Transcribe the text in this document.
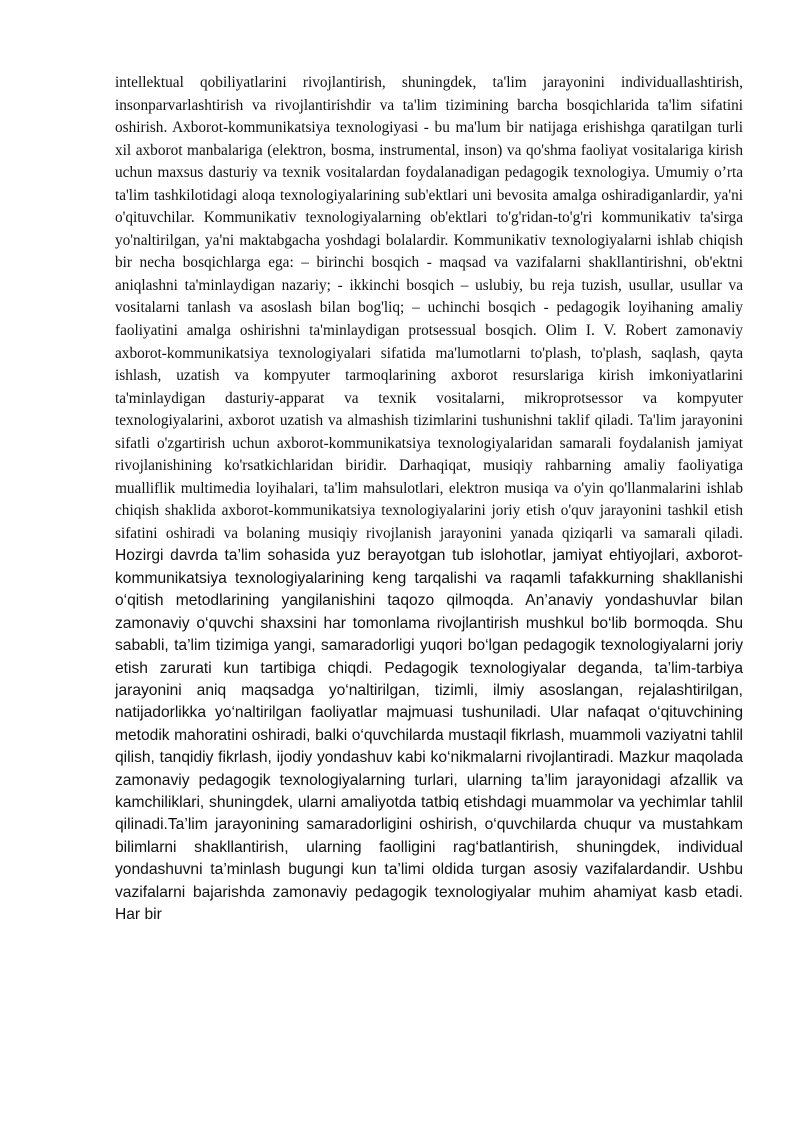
intellektual qobiliyatlarini rivojlantirish, shuningdek, ta'lim jarayonini individuallashtirish, insonparvarlashtirish va rivojlantirishdir va ta'lim tizimining barcha bosqichlarida ta'lim sifatini oshirish. Axborot-kommunikatsiya texnologiyasi - bu ma'lum bir natijaga erishishga qaratilgan turli xil axborot manbalariga (elektron, bosma, instrumental, inson) va qo'shma faoliyat vositalariga kirish uchun maxsus dasturiy va texnik vositalardan foydalanadigan pedagogik texnologiya. Umumiy o’rta ta'lim tashkilotidagi aloqa texnologiyalarining sub'ektlari uni bevosita amalga oshiradiganlardir, ya'ni o'qituvchilar. Kommunikativ texnologiyalarning ob'ektlari to'g'ridan-to'g'ri kommunikativ ta'sirga yo'naltirilgan, ya'ni maktabgacha yoshdagi bolalardir. Kommunikativ texnologiyalarni ishlab chiqish bir necha bosqichlarga ega: – birinchi bosqich - maqsad va vazifalarni shakllantirishni, ob'ektni aniqlashni ta'minlaydigan nazariy; - ikkinchi bosqich – uslubiy, bu reja tuzish, usullar, usullar va vositalarni tanlash va asoslash bilan bog'liq; – uchinchi bosqich - pedagogik loyihaning amaliy faoliyatini amalga oshirishni ta'minlaydigan protsessual bosqich. Olim I. V. Robert zamonaviy axborot-kommunikatsiya texnologiyalari sifatida ma'lumotlarni to'plash, to'plash, saqlash, qayta ishlash, uzatish va kompyuter tarmoqlarining axborot resurslariga kirish imkoniyatlarini ta'minlaydigan dasturiy-apparat va texnik vositalarni, mikroprotsessor va kompyuter texnologiyalarini, axborot uzatish va almashish tizimlarini tushunishni taklif qiladi. Ta'lim jarayonini sifatli o'zgartirish uchun axborot-kommunikatsiya texnologiyalaridan samarali foydalanish jamiyat rivojlanishining ko'rsatkichlaridan biridir. Darhaqiqat, musiqiy rahbarning amaliy faoliyatiga mualliflik multimedia loyihalari, ta'lim mahsulotlari, elektron musiqa va o'yin qo'llanmalarini ishlab chiqish shaklida axborot-kommunikatsiya texnologiyalarini joriy etish o'quv jarayonini tashkil etish sifatini oshiradi va bolaning musiqiy rivojlanish jarayonini yanada qiziqarli va samarali qiladi. Hozirgi davrda ta’lim sohasida yuz berayotgan tub islohotlar, jamiyat ehtiyojlari, axborot-kommunikatsiya texnologiyalarining keng tarqalishi va raqamli tafakkurning shakllanishi o‘qitish metodlarining yangilanishini taqozo qilmoqda. An’anaviy yondashuvlar bilan zamonaviy o‘quvchi shaxsini har tomonlama rivojlantirish mushkul bo‘lib bormoqda. Shu sababli, ta’lim tizimiga yangi, samaradorligi yuqori bo‘lgan pedagogik texnologiyalarni joriy etish zarurati kun tartibiga chiqdi. Pedagogik texnologiyalar deganda, ta’lim-tarbiya jarayonini aniq maqsadga yo‘naltirilgan, tizimli, ilmiy asoslangan, rejalashtirilgan, natijadorlikka yo‘naltirilgan faoliyatlar majmuasi tushuniladi. Ular nafaqat o‘qituvchining metodik mahoratini oshiradi, balki o‘quvchilarda mustaqil fikrlash, muammoli vaziyatni tahlil qilish, tanqidiy fikrlash, ijodiy yondashuv kabi ko‘nikmalarni rivojlantiradi. Mazkur maqolada zamonaviy pedagogik texnologiyalarning turlari, ularning ta’lim jarayonidagi afzallik va kamchiliklari, shuningdek, ularni amaliyotda tatbiq etishdagi muammolar va yechimlar tahlil qilinadi.Ta’lim jarayonining samaradorligini oshirish, o‘quvchilarda chuqur va mustahkam bilimlarni shakllantirish, ularning faolligini rag‘batlantirish, shuningdek, individual yondashuvni ta’minlash bugungi kun ta’limi oldida turgan asosiy vazifalardandir. Ushbu vazifalarni bajarishda zamonaviy pedagogik texnologiyalar muhim ahamiyat kasb etadi. Har bir
